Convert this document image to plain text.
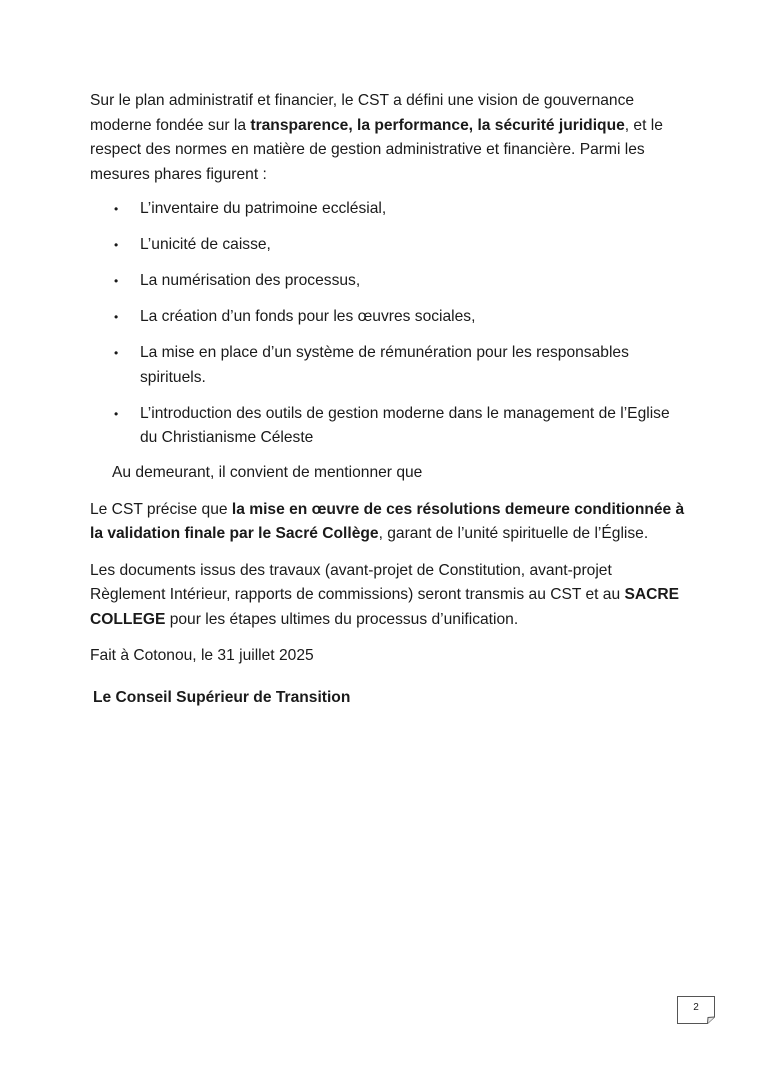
Sur le plan administratif et financier, le CST a défini une vision de gouvernance moderne fondée sur la transparence, la performance, la sécurité juridique, et le respect des normes en matière de gestion administrative et financière. Parmi les mesures phares figurent :

• L’inventaire du patrimoine ecclésial,
• L’unicité de caisse,
• La numérisation des processus,
• La création d’un fonds pour les œuvres sociales,
• La mise en place d’un système de rémunération pour les responsables spirituels.
• L’introduction des outils de gestion moderne dans le management de l’Eglise du Christianisme Céleste

Au demeurant, il convient de mentionner que

Le CST précise que la mise en œuvre de ces résolutions demeure conditionnée à la validation finale par le Sacré Collège, garant de l’unité spirituelle de l’Église.

Les documents issus des travaux (avant-projet de Constitution, avant-projet Règlement Intérieur, rapports de commissions) seront transmis au CST et au SACRE COLLEGE pour les étapes ultimes du processus d’unification.

Fait à Cotonou, le 31 juillet 2025

Le Conseil Supérieur de Transition

2
